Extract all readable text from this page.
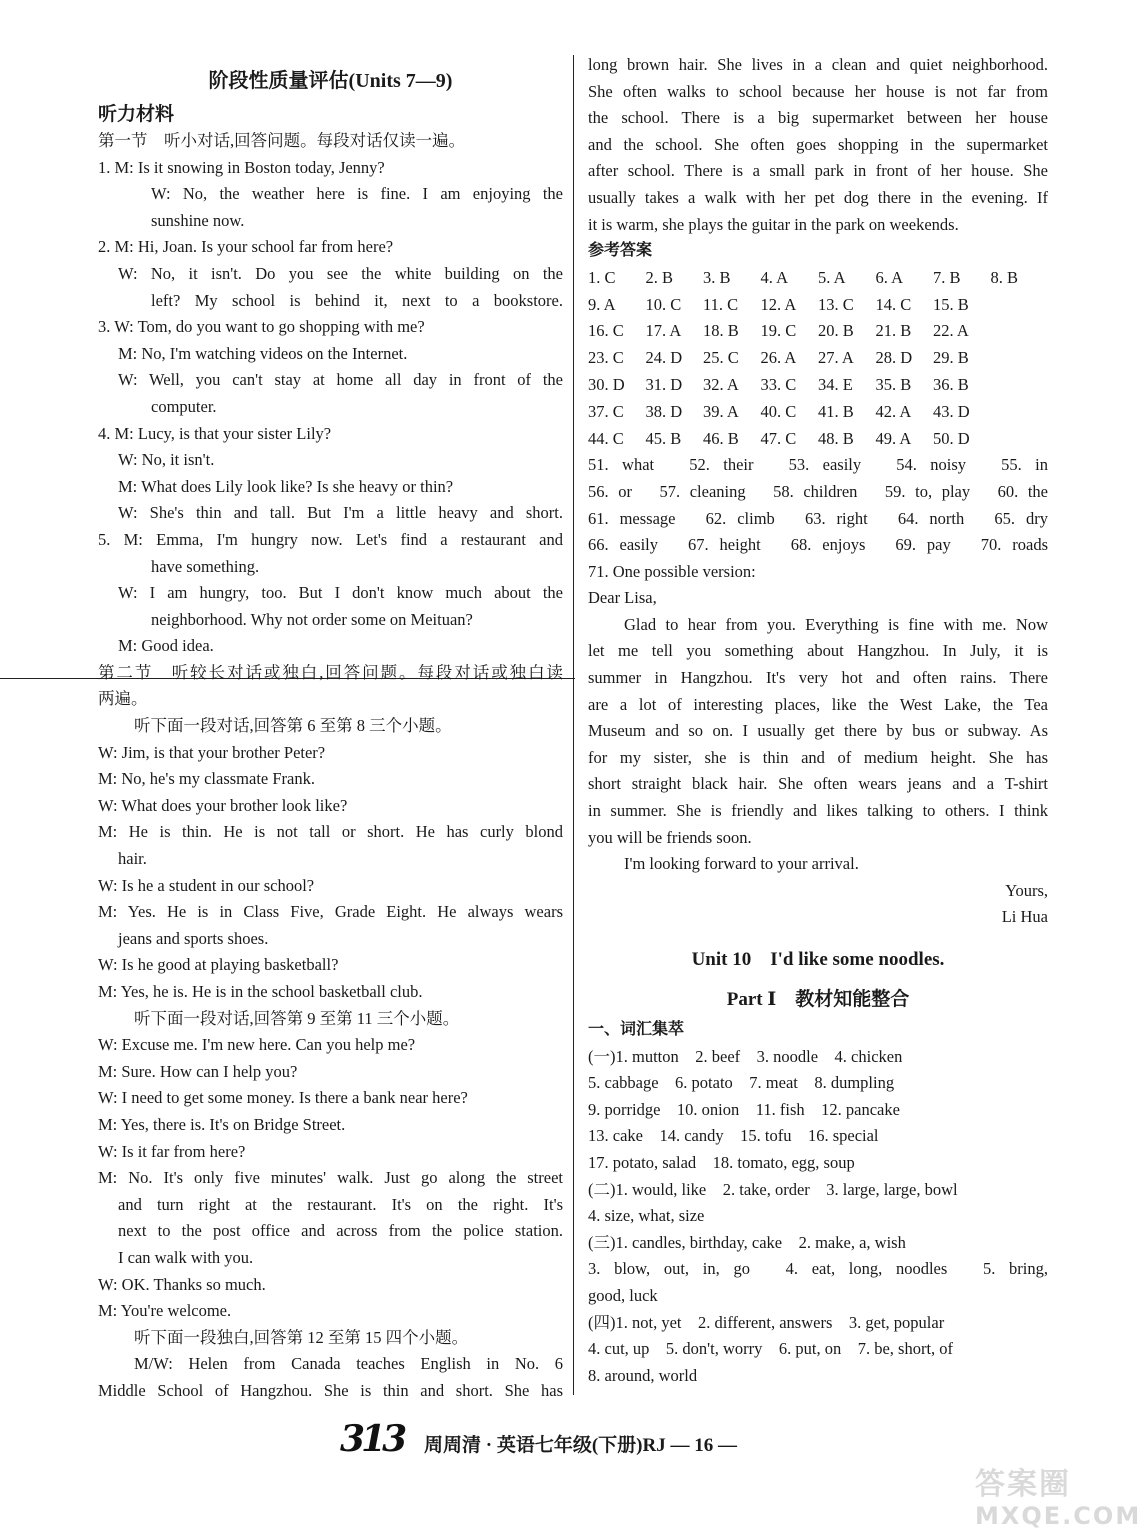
阶段性质量评估(Units 7—9)
听力材料
第一节　听小对话,回答问题。每段对话仅读一遍。
1. M: Is it snowing in Boston today, Jenny?
W: No, the weather here is fine. I am enjoying the
sunshine now.
2. M: Hi, Joan. Is your school far from here?
W: No, it isn't. Do you see the white building on the
left? My school is behind it, next to a bookstore.
3. W: Tom, do you want to go shopping with me?
M: No, I'm watching videos on the Internet.
W: Well, you can't stay at home all day in front of the
computer.
4. M: Lucy, is that your sister Lily?
W: No, it isn't.
M: What does Lily look like? Is she heavy or thin?
W: She's thin and tall. But I'm a little heavy and short.
5. M: Emma, I'm hungry now. Let's find a restaurant and
have something.
W: I am hungry, too. But I don't know much about the
neighborhood. Why not order some on Meituan?
M: Good idea.
第二节　听较长对话或独白,回答问题。每段对话或独白读
两遍。
听下面一段对话,回答第 6 至第 8 三个小题。
W: Jim, is that your brother Peter?
M: No, he's my classmate Frank.
W: What does your brother look like?
M: He is thin. He is not tall or short. He has curly blond
hair.
W: Is he a student in our school?
M: Yes. He is in Class Five, Grade Eight. He always wears
jeans and sports shoes.
W: Is he good at playing basketball?
M: Yes, he is. He is in the school basketball club.
听下面一段对话,回答第 9 至第 11 三个小题。
W: Excuse me. I'm new here. Can you help me?
M: Sure. How can I help you?
W: I need to get some money. Is there a bank near here?
M: Yes, there is. It's on Bridge Street.
W: Is it far from here?
M: No. It's only five minutes' walk. Just go along the street
and turn right at the restaurant. It's on the right. It's
next to the post office and across from the police station.
I can walk with you.
W: OK. Thanks so much.
M: You're welcome.
听下面一段独白,回答第 12 至第 15 四个小题。
M/W: Helen from Canada teaches English in No. 6
Middle School of Hangzhou. She is thin and short. She has
long brown hair. She lives in a clean and quiet neighborhood.
She often walks to school because her house is not far from
the school. There is a big supermarket between her house
and the school. She often goes shopping in the supermarket
after school. There is a small park in front of her house. She
usually takes a walk with her pet dog there in the evening. If
it is warm, she plays the guitar in the park on weekends.
参考答案
1. C	2. B	3. B	4. A	5. A	6. A	7. B	8. B
9. A	10. C	11. C	12. A	13. C	14. C	15. B
16. C	17. A	18. B	19. C	20. B	21. B	22. A
23. C	24. D	25. C	26. A	27. A	28. D	29. B
30. D	31. D	32. A	33. C	34. E	35. B	36. B
37. C	38. D	39. A	40. C	41. B	42. A	43. D
44. C	45. B	46. B	47. C	48. B	49. A	50. D
51. what　52. their　53. easily　54. noisy　55. in
56. or　57. cleaning　58. children　59. to, play　60. the
61. message　62. climb　63. right　64. north　65. dry
66. easily　67. height　68. enjoys　69. pay　70. roads
71. One possible version:
Dear Lisa,
Glad to hear from you. Everything is fine with me. Now
let me tell you something about Hangzhou. In July, it is
summer in Hangzhou. It's very hot and often rains. There
are a lot of interesting places, like the West Lake, the Tea
Museum and so on. I usually get there by bus or subway. As
for my sister, she is thin and of medium height. She has
short straight black hair. She often wears jeans and a T-shirt
in summer. She is friendly and likes talking to others. I think
you will be friends soon.
I'm looking forward to your arrival.
Yours,
Li Hua
Unit 10　I'd like some noodles.
Part Ⅰ　教材知能整合
一、词汇集萃
(一)1. mutton　2. beef　3. noodle　4. chicken
5. cabbage　6. potato　7. meat　8. dumpling
9. porridge　10. onion　11. fish　12. pancake
13. cake　14. candy　15. tofu　16. special
17. potato, salad　18. tomato, egg, soup
(二)1. would, like　2. take, order　3. large, large, bowl
4. size, what, size
(三)1. candles, birthday, cake　2. make, a, wish
3. blow, out, in, go　4. eat, long, noodles　5. bring,
good, luck
(四)1. not, yet　2. different, answers　3. get, popular
4. cut, up　5. don't, worry　6. put, on　7. be, short, of
8. around, world
313 周周清 · 英语七年级(下册)RJ — 16 —
答案圈
MXQE.COM
